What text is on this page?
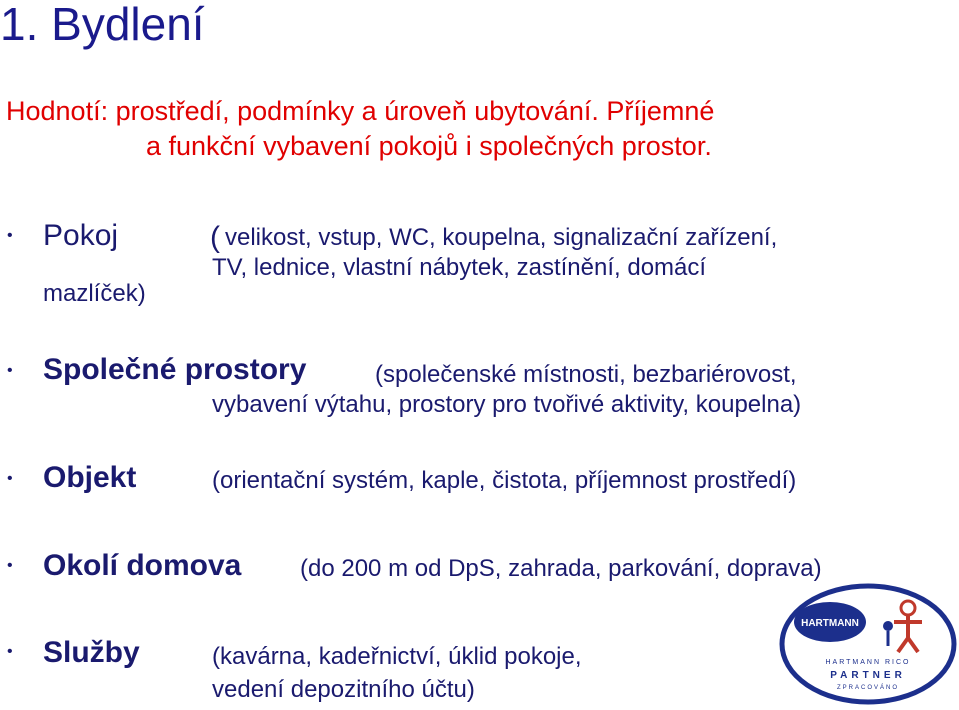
1. Bydlení
Hodnotí: prostředí, podmínky a úroveň ubytování. Příjemné
a funkční vybavení pokojů i společných prostor.
• Pokoj	( velikost, vstup, WC, koupelna, signalizační zařízení,
TV, lednice, vlastní nábytek, zastínění, domácí
mazlíček)
• Společné prostory	(společenské místnosti, bezbariérovost,
vybavení výtahu, prostory pro tvořivé aktivity, koupelna)
• Objekt	(orientační systém, kaple, čistota, příjemnost prostředí)
• Okolí domova (do 200 m od DpS, zahrada, parkování, doprava)
• Služby	(kavárna, kadeřnictví, úklid pokoje,
vedení depozitního účtu)
HARTMANN
HARTMANN RICO
PARTNER
ZPRACOVÁNO
